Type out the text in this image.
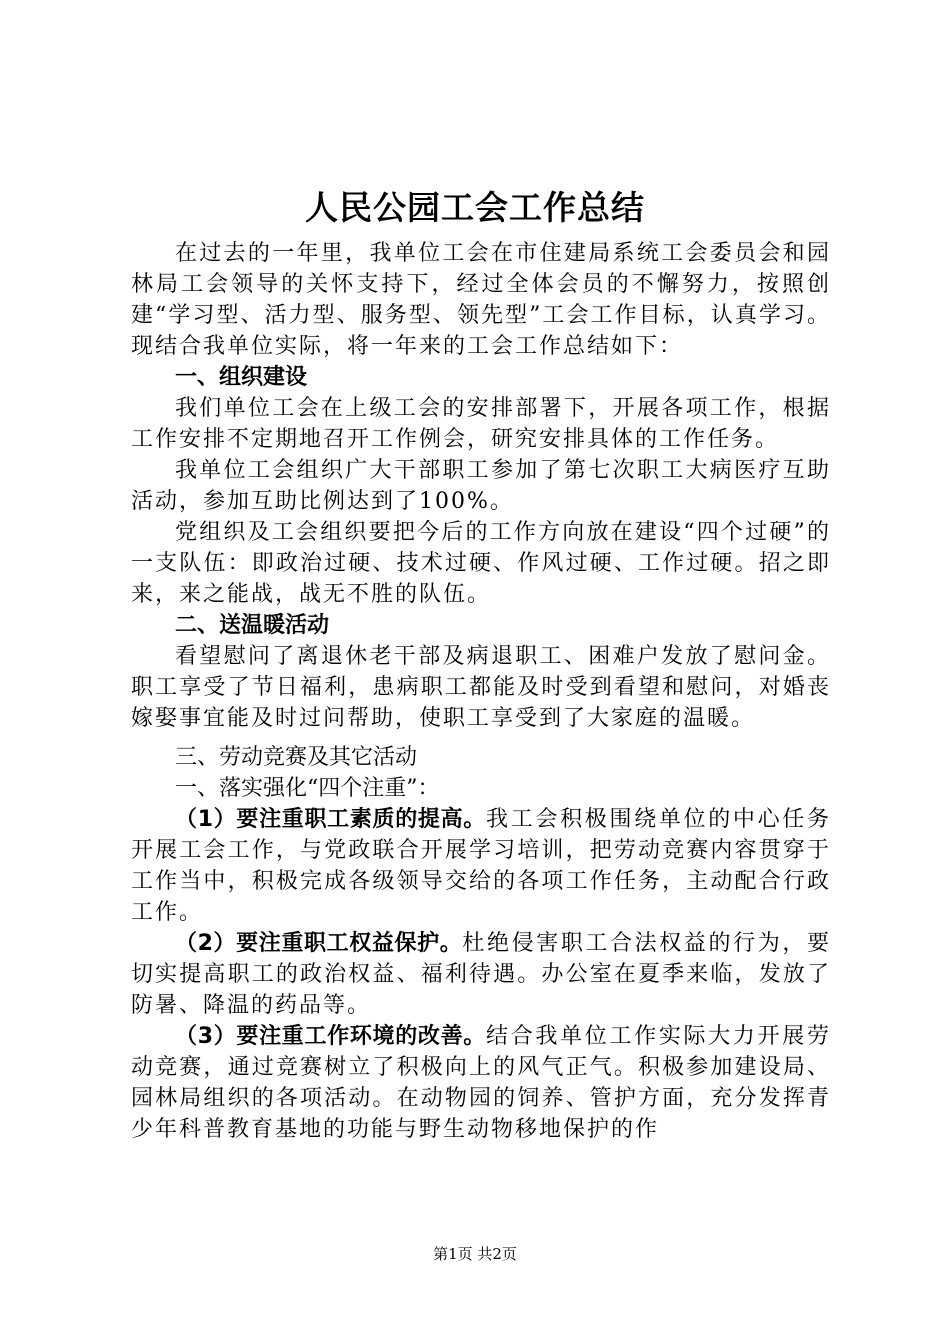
人民公园工会工作总结

在过去的一年里，我单位工会在市住建局系统工会委员会和园林局工会领导的关怀支持下，经过全体会员的不懈努力，按照创建“学习型、活力型、服务型、领先型”工会工作目标，认真学习。现结合我单位实际，将一年来的工会工作总结如下：

一、组织建设

我们单位工会在上级工会的安排部署下，开展各项工作，根据工作安排不定期地召开工作例会，研究安排具体的工作任务。

我单位工会组织广大干部职工参加了第七次职工大病医疗互助活动，参加互助比例达到了100%。

党组织及工会组织要把今后的工作方向放在建设“四个过硬”的一支队伍：即政治过硬、技术过硬、作风过硬、工作过硬。招之即来，来之能战，战无不胜的队伍。

二、送温暖活动

看望慰问了离退休老干部及病退职工、困难户发放了慰问金。职工享受了节日福利，患病职工都能及时受到看望和慰问，对婚丧嫁娶事宜能及时过问帮助，使职工享受到了大家庭的温暖。

三、劳动竞赛及其它活动
一、落实强化“四个注重”：

（1）要注重职工素质的提高。我工会积极围绕单位的中心任务开展工会工作，与党政联合开展学习培训，把劳动竞赛内容贯穿于工作当中，积极完成各级领导交给的各项工作任务，主动配合行政工作。

（2）要注重职工权益保护。杜绝侵害职工合法权益的行为，要切实提高职工的政治权益、福利待遇。办公室在夏季来临，发放了防暑、降温的药品等。

（3）要注重工作环境的改善。结合我单位工作实际大力开展劳动竞赛，通过竞赛树立了积极向上的风气正气。积极参加建设局、园林局组织的各项活动。在动物园的饲养、管护方面，充分发挥青少年科普教育基地的功能与野生动物移地保护的作

第1页 共2页
